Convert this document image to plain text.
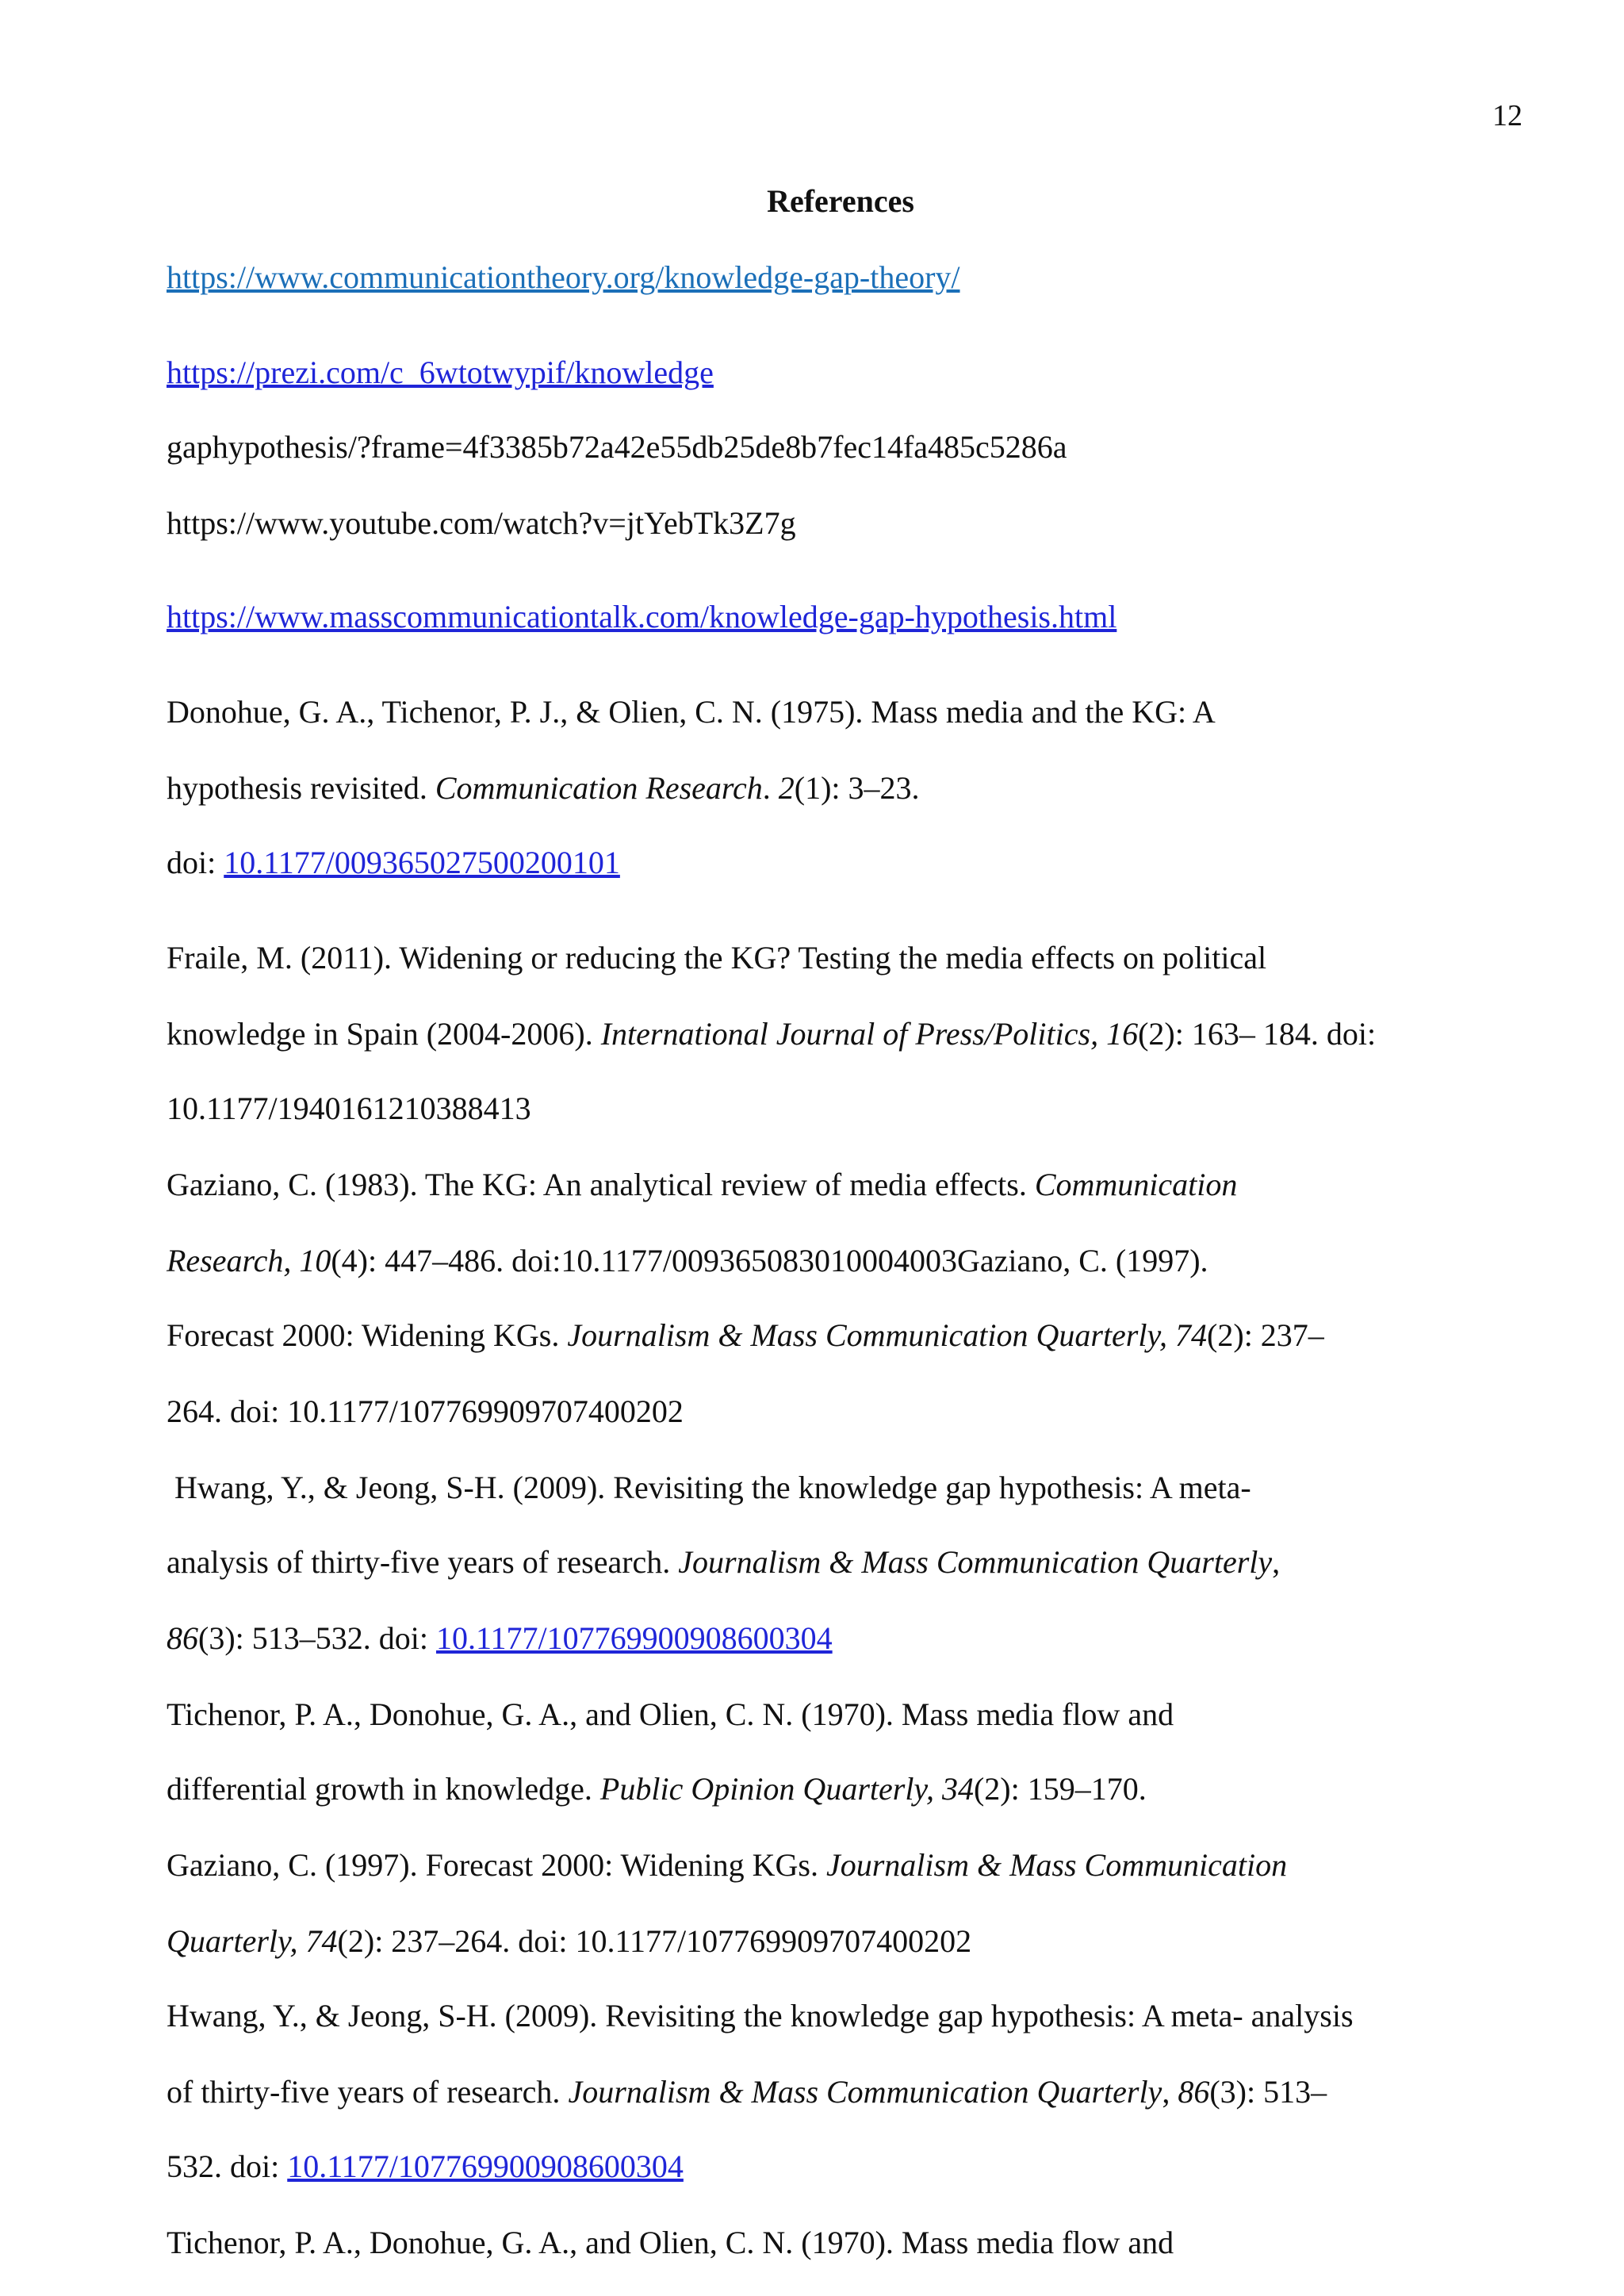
12
References
https://www.communicationtheory.org/knowledge-gap-theory/
https://prezi.com/c_6wtotwypif/knowledge
gaphypothesis/?frame=4f3385b72a42e55db25de8b7fec14fa485c5286a
https://www.youtube.com/watch?v=jtYebTk3Z7g
https://www.masscommunicationtalk.com/knowledge-gap-hypothesis.html
Donohue, G. A., Tichenor, P. J., & Olien, C. N. (1975). Mass media and the KG: A
hypothesis revisited. Communication Research. 2(1): 3–23.
doi: 10.1177/009365027500200101
Fraile, M. (2011). Widening or reducing the KG? Testing the media effects on political
knowledge in Spain (2004-2006). International Journal of Press/Politics, 16(2): 163– 184. doi:
10.1177/1940161210388413
Gaziano, C. (1983). The KG: An analytical review of media effects. Communication
Research, 10(4): 447–486. doi:10.1177/009365083010004003Gaziano, C. (1997).
Forecast 2000: Widening KGs. Journalism & Mass Communication Quarterly, 74(2): 237–
264. doi: 10.1177/107769909707400202
Hwang, Y., & Jeong, S-H. (2009). Revisiting the knowledge gap hypothesis: A meta-
analysis of thirty-five years of research. Journalism & Mass Communication Quarterly,
86(3): 513–532. doi: 10.1177/107769900908600304
Tichenor, P. A., Donohue, G. A., and Olien, C. N. (1970). Mass media flow and
differential growth in knowledge. Public Opinion Quarterly, 34(2): 159–170.
Gaziano, C. (1997). Forecast 2000: Widening KGs. Journalism & Mass Communication
Quarterly, 74(2): 237–264. doi: 10.1177/107769909707400202
Hwang, Y., & Jeong, S-H. (2009). Revisiting the knowledge gap hypothesis: A meta- analysis
of thirty-five years of research. Journalism & Mass Communication Quarterly, 86(3): 513–
532. doi: 10.1177/107769900908600304
Tichenor, P. A., Donohue, G. A., and Olien, C. N. (1970). Mass media flow and
